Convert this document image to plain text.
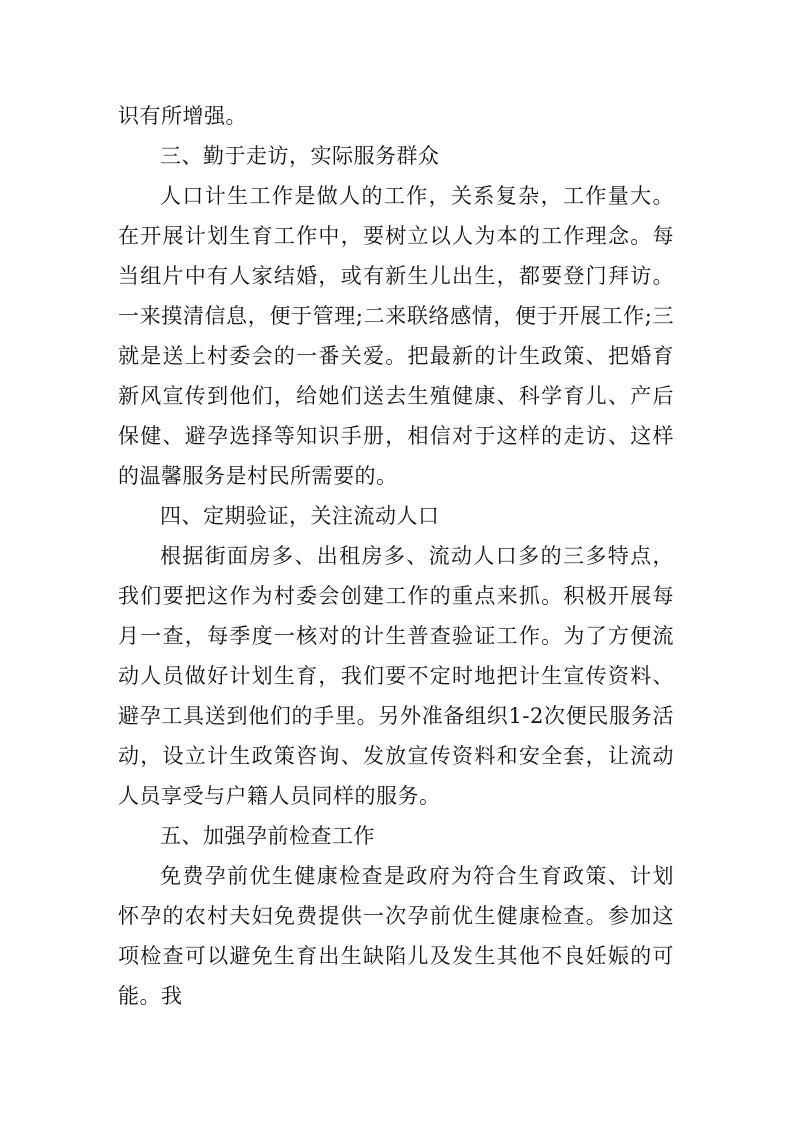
识有所增强。

三、勤于走访，实际服务群众

人口计生工作是做人的工作，关系复杂，工作量大。在开展计划生育工作中，要树立以人为本的工作理念。每当组片中有人家结婚，或有新生儿出生，都要登门拜访。一来摸清信息，便于管理;二来联络感情，便于开展工作;三就是送上村委会的一番关爱。把最新的计生政策、把婚育新风宣传到他们，给她们送去生殖健康、科学育儿、产后保健、避孕选择等知识手册，相信对于这样的走访、这样的温馨服务是村民所需要的。

四、定期验证，关注流动人口

根据街面房多、出租房多、流动人口多的三多特点，我们要把这作为村委会创建工作的重点来抓。积极开展每月一查，每季度一核对的计生普查验证工作。为了方便流动人员做好计划生育，我们要不定时地把计生宣传资料、避孕工具送到他们的手里。另外准备组织1-2次便民服务活动，设立计生政策咨询、发放宣传资料和安全套，让流动人员享受与户籍人员同样的服务。

五、加强孕前检查工作

免费孕前优生健康检查是政府为符合生育政策、计划怀孕的农村夫妇免费提供一次孕前优生健康检查。参加这项检查可以避免生育出生缺陷儿及发生其他不良妊娠的可能。我
